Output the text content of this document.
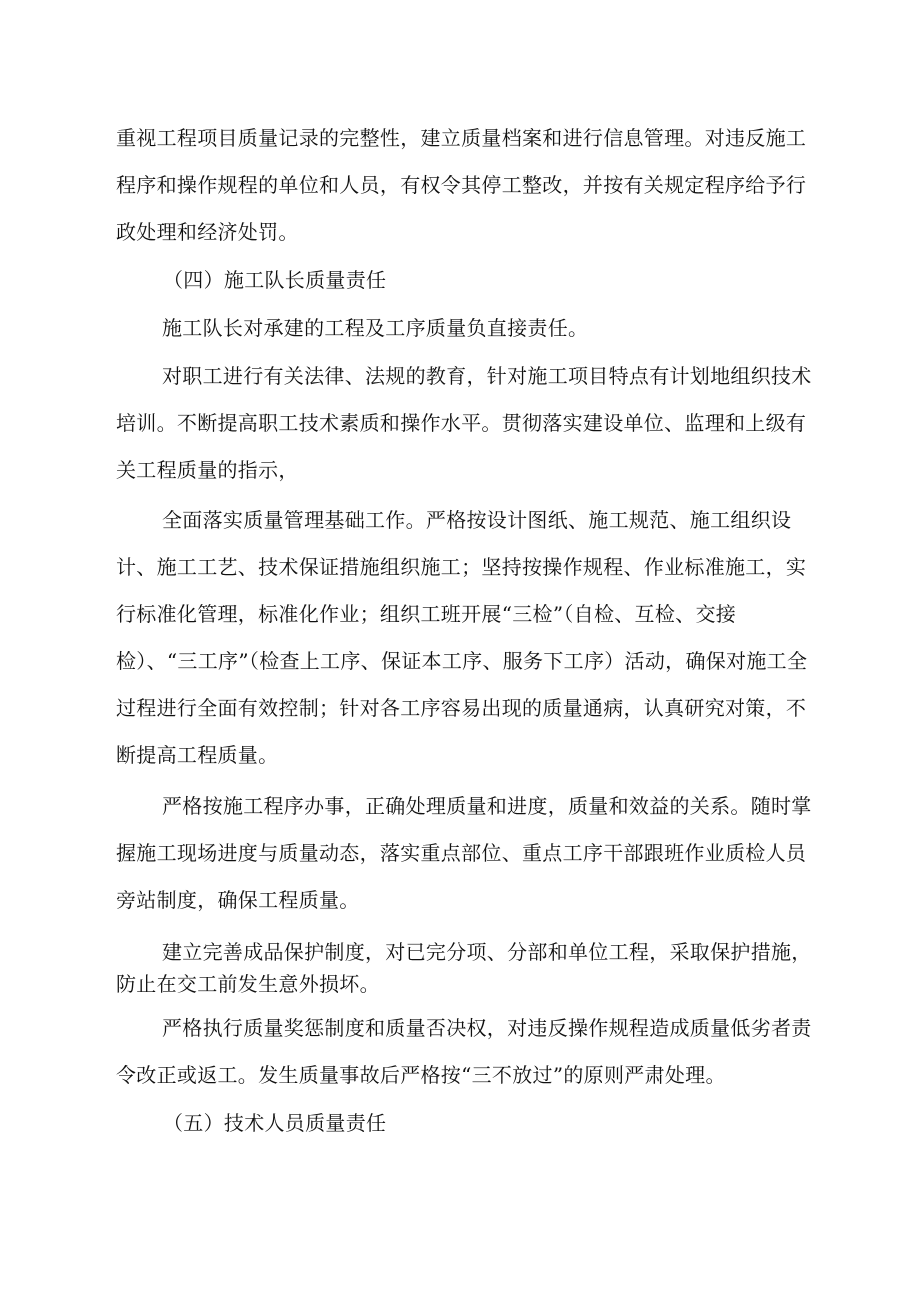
重视工程项目质量记录的完整性，建立质量档案和进行信息管理。对违反施工程序和操作规程的单位和人员，有权令其停工整改，并按有关规定程序给予行政处理和经济处罚。

（四）施工队长质量责任

施工队长对承建的工程及工序质量负直接责任。

对职工进行有关法律、法规的教育，针对施工项目特点有计划地组织技术培训。不断提高职工技术素质和操作水平。贯彻落实建设单位、监理和上级有关工程质量的指示，

全面落实质量管理基础工作。严格按设计图纸、施工规范、施工组织设计、施工工艺、技术保证措施组织施工；坚持按操作规程、作业标准施工，实行标准化管理，标准化作业；组织工班开展“三检”（自检、互检、交接检）、“三工序”（检查上工序、保证本工序、服务下工序）活动，确保对施工全过程进行全面有效控制；针对各工序容易出现的质量通病，认真研究对策，不断提高工程质量。

严格按施工程序办事，正确处理质量和进度，质量和效益的关系。随时掌握施工现场进度与质量动态，落实重点部位、重点工序干部跟班作业质检人员旁站制度，确保工程质量。

建立完善成品保护制度，对已完分项、分部和单位工程，采取保护措施，防止在交工前发生意外损坏。

严格执行质量奖惩制度和质量否决权，对违反操作规程造成质量低劣者责令改正或返工。发生质量事故后严格按“三不放过”的原则严肃处理。

（五）技术人员质量责任
